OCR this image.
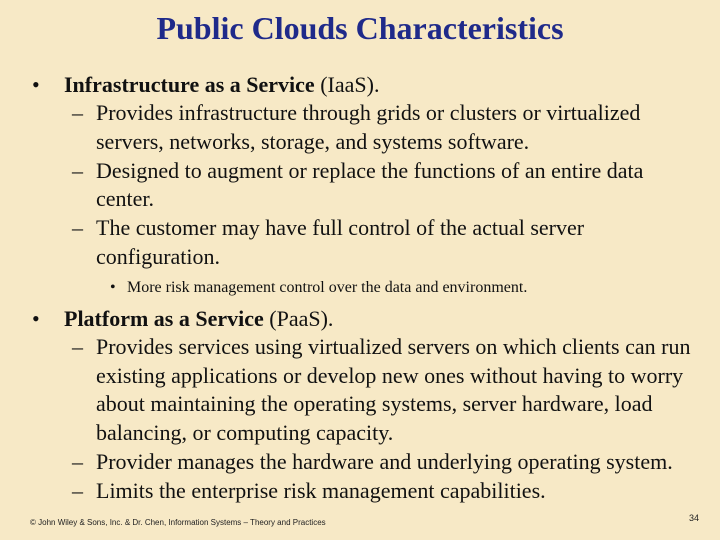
Public Clouds Characteristics
• Infrastructure as a Service (IaaS).
– Provides infrastructure through grids or clusters or virtualized servers, networks, storage, and systems software.
– Designed to augment or replace the functions of an entire data center.
– The customer may have full control of the actual server configuration.
• More risk management control over the data and environment.
• Platform as a Service (PaaS).
– Provides services using virtualized servers on which clients can run existing applications or develop new ones without having to worry about maintaining the operating systems, server hardware, load balancing, or computing capacity.
– Provider manages the hardware and underlying operating system.
– Limits the enterprise risk management capabilities.
© John Wiley & Sons, Inc. & Dr. Chen, Information Systems – Theory and Practices	34
